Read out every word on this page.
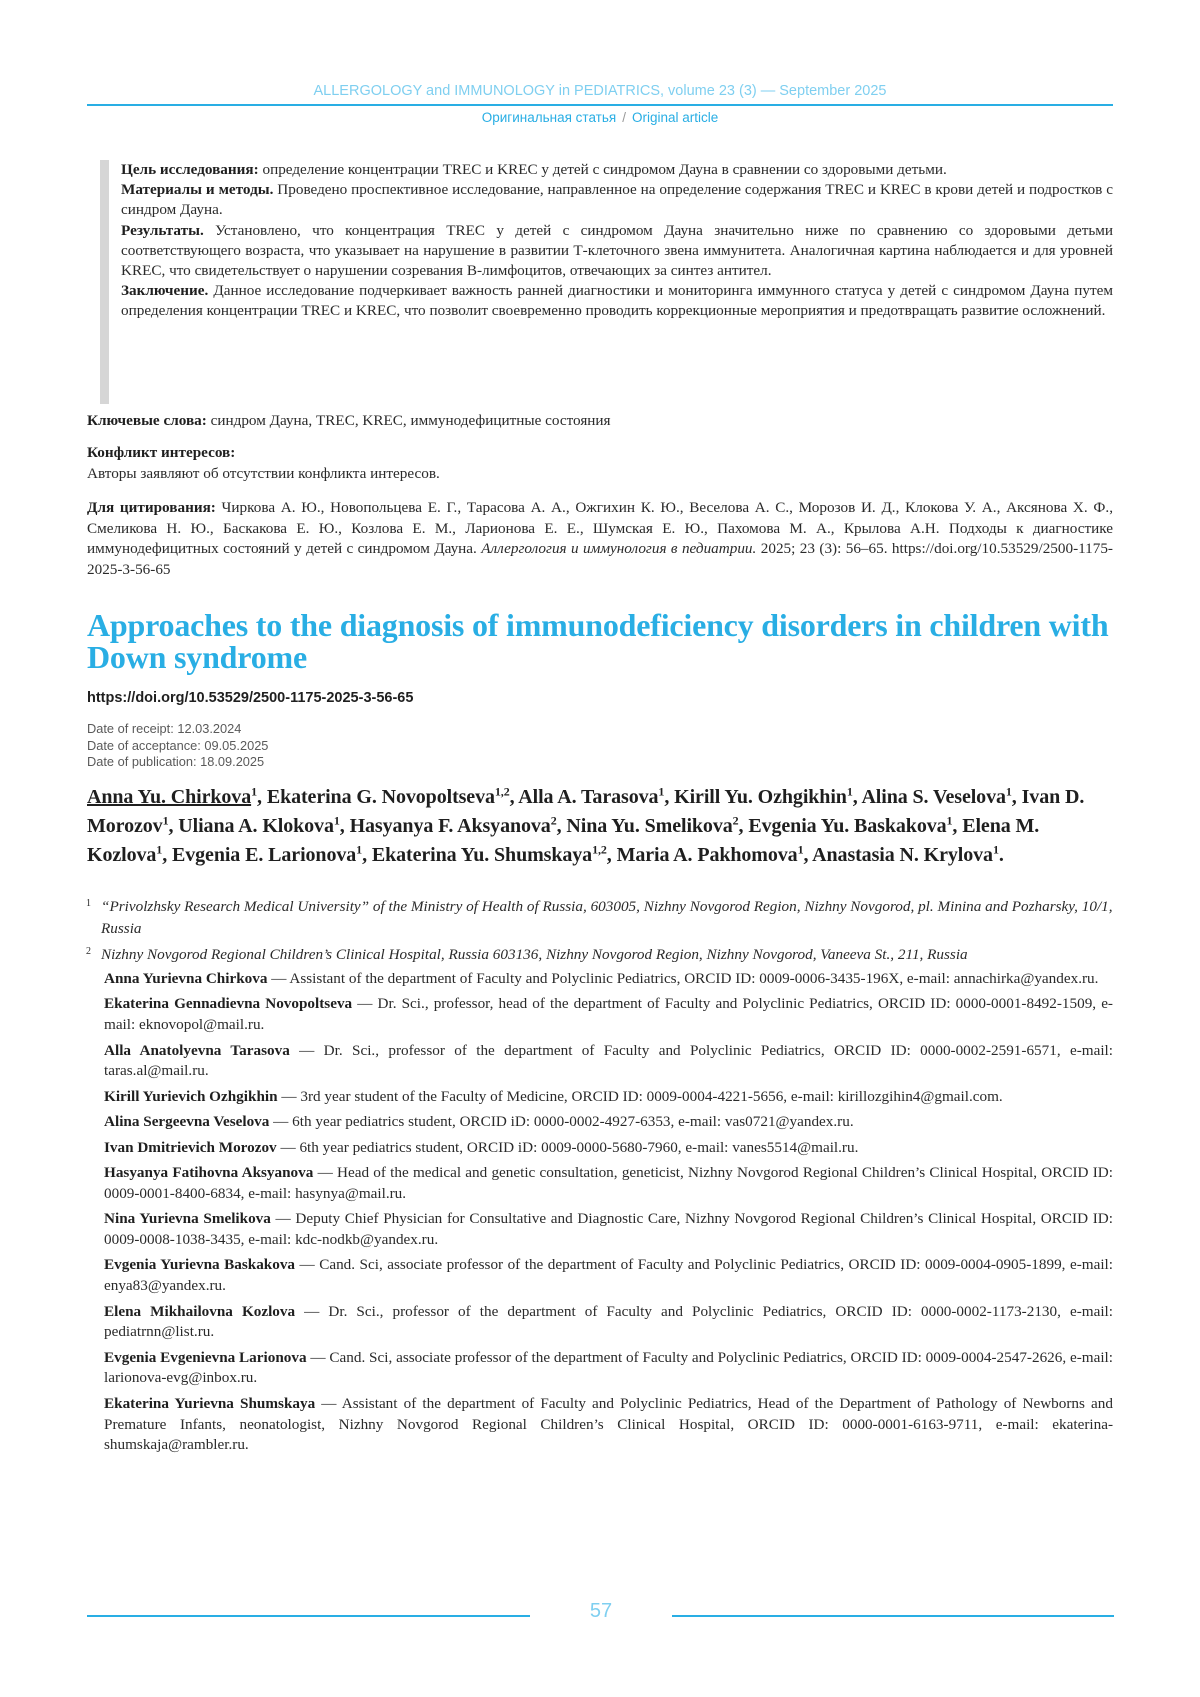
ALLERGOLOGY and IMMUNOLOGY in PEDIATRICS, volume 23 (3) — September 2025
Оригинальная статья / Original article

Цель исследования: определение концентрации TREC и KREC у детей с синдромом Дауна в сравнении со здоровыми детьми.

Материалы и методы. Проведено проспективное исследование, направленное на определение содержания TREC и KREC в крови детей и подростков с синдром Дауна.

Результаты. Установлено, что концентрация TREC у детей с синдромом Дауна значительно ниже по сравнению со здоровыми детьми соответствующего возраста, что указывает на нарушение в развитии Т-клеточного звена иммунитета. Аналогичная картина наблюдается и для уровней KREC, что свидетельствует о нарушении созревания В-лимфоцитов, отвечающих за синтез антител.

Заключение. Данное исследование подчеркивает важность ранней диагностики и мониторинга иммунного статуса у детей с синдромом Дауна путем определения концентрации TREC и KREC, что позволит своевременно проводить коррекционные мероприятия и предотвращать развитие осложнений.

Ключевые слова: синдром Дауна, TREC, KREC, иммунодефицитные состояния
Конфликт интересов:
Авторы заявляют об отсутствии конфликта интересов.
Для цитирования: Чиркова А. Ю., Новопольцева Е. Г., Тарасова А. А., Ожгихин К. Ю., Веселова А. С., Морозов И. Д., Клокова У. А., Аксянова Х. Ф., Смеликова Н. Ю., Баскакова Е. Ю., Козлова Е. М., Ларионова Е. Е., Шумская Е. Ю., Пахомова М. А., Крылова А.Н. Подходы к диагностике иммунодефицитных состояний у детей с синдромом Дауна. Аллергология и иммунология в педиатрии. 2025; 23 (3): 56–65. https://doi.org/10.53529/2500-1175-2025-3-56-65
Approaches to the diagnosis of immunodeficiency disorders in children with Down syndrome
https://doi.org/10.53529/2500-1175-2025-3-56-65
Date of receipt: 12.03.2024
Date of acceptance: 09.05.2025
Date of publication: 18.09.2025
Anna Yu. Chirkova$^1$, Ekaterina G. Novopoltseva$^{1,2}$, Alla A. Tarasova$^1$, Kirill Yu. Ozhgikhin$^1$, Alina S. Veselova$^1$, Ivan D. Morozov$^1$, Uliana A. Klokova$^1$, Hasyanya F. Aksyanova$^2$, Nina Yu. Smelikova$^2$, Evgenia Yu. Baskakova$^1$, Elena M. Kozlova$^1$, Evgenia E. Larionova$^1$, Ekaterina Yu. Shumskaya$^{1,2}$, Maria A. Pakhomova$^1$, Anastasia N. Krylova$^1$.
1 “Privolzhsky Research Medical University” of the Ministry of Health of Russia, 603005, Nizhny Novgorod Region, Nizhny Novgorod, pl. Minina and Pozharsky, 10/1, Russia
2 Nizhny Novgorod Regional Children’s Clinical Hospital, Russia 603136, Nizhny Novgorod Region, Nizhny Novgorod, Vaneeva St., 211, Russia

Anna Yurievna Chirkova — Assistant of the department of Faculty and Polyclinic Pediatrics, ORCID ID: 0009-0006-3435-196X, e-mail: annachirka@yandex.ru.

Ekaterina Gennadievna Novopoltseva — Dr. Sci., professor, head of the department of Faculty and Polyclinic Pediatrics, ORCID ID: 0000-0001-8492-1509, e-mail: eknovopol@mail.ru.

Alla Anatolyevna Tarasova — Dr. Sci., professor of the department of Faculty and Polyclinic Pediatrics, ORCID ID: 0000-0002-2591-6571, e-mail: taras.al@mail.ru.

Kirill Yurievich Ozhgikhin — 3rd year student of the Faculty of Medicine, ORCID ID: 0009-0004-4221-5656, e-mail: kirillozgihin4@gmail.com.

Alina Sergeevna Veselova — 6th year pediatrics student, ORCID iD: 0000-0002-4927-6353, e-mail: vas0721@yandex.ru.

Ivan Dmitrievich Morozov — 6th year pediatrics student, ORCID iD: 0009-0000-5680-7960, e-mail: vanes5514@mail.ru.

Hasyanya Fatihovna Aksyanova — Head of the medical and genetic consultation, geneticist, Nizhny Novgorod Regional Children’s Clinical Hospital, ORCID ID: 0009-0001-8400-6834, e-mail: hasynya@mail.ru.

Nina Yurievna Smelikova — Deputy Chief Physician for Consultative and Diagnostic Care, Nizhny Novgorod Regional Children’s Clinical Hospital, ORCID ID: 0009-0008-1038-3435, e-mail: kdc-nodkb@yandex.ru.

Evgenia Yurievna Baskakova — Cand. Sci, associate professor of the department of Faculty and Polyclinic Pediatrics, ORCID ID: 0009-0004-0905-1899, e-mail: enya83@yandex.ru.

Elena Mikhailovna Kozlova — Dr. Sci., professor of the department of Faculty and Polyclinic Pediatrics, ORCID ID: 0000-0002-1173-2130, e-mail: pediatrnn@list.ru.

Evgenia Evgenievna Larionova — Cand. Sci, associate professor of the department of Faculty and Polyclinic Pediatrics, ORCID ID: 0009-0004-2547-2626, e-mail: larionova-evg@inbox.ru.

Ekaterina Yurievna Shumskaya — Assistant of the department of Faculty and Polyclinic Pediatrics, Head of the Department of Pathology of Newborns and Premature Infants, neonatologist, Nizhny Novgorod Regional Children’s Clinical Hospital, ORCID ID: 0000-0001-6163-9711, e-mail: ekaterina-shumskaja@rambler.ru.

57
